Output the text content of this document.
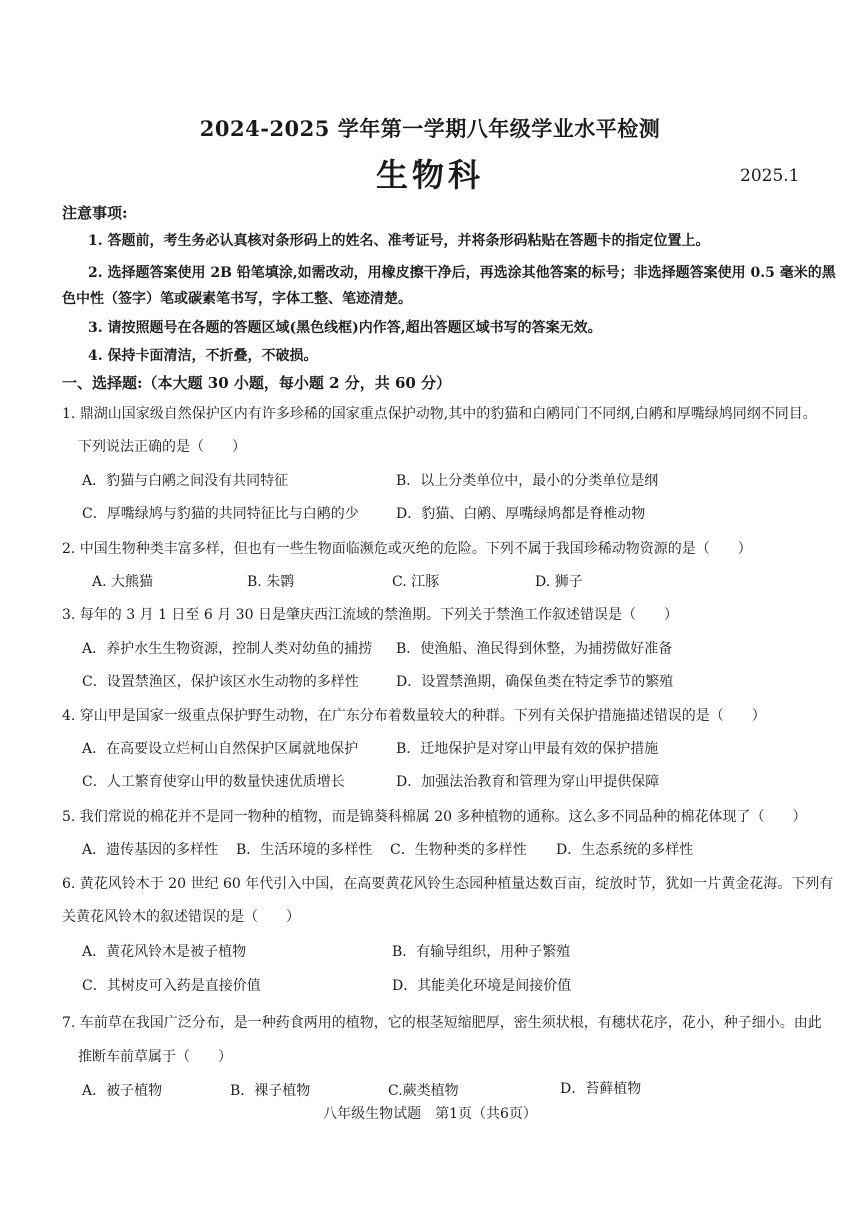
2024-2025 学年第一学期八年级学业水平检测
生物科	2025.1
注意事项:
1. 答题前，考生务必认真核对条形码上的姓名、准考证号，并将条形码粘贴在答题卡的指定位置上。
2. 选择题答案使用 2B 铅笔填涂,如需改动，用橡皮擦干净后，再选涂其他答案的标号；非选择题答案使用 0.5 毫米的黑
色中性（签字）笔或碳素笔书写，字体工整、笔迹清楚。
3. 请按照题号在各题的答题区域(黑色线框)内作答,超出答题区域书写的答案无效。
4. 保持卡面清洁，不折叠，不破损。
一、选择题:（本大题 30 小题，每小题 2 分，共 60 分）
1. 鼎湖山国家级自然保护区内有许多珍稀的国家重点保护动物,其中的豹猫和白鹇同门不同纲,白鹇和厚嘴绿鸠同纲不同目。
下列说法正确的是（　　）
A．豹猫与白鹇之间没有共同特征	B．以上分类单位中，最小的分类单位是纲
C．厚嘴绿鸠与豹猫的共同特征比与白鹇的少	D．豹猫、白鹇、厚嘴绿鸠都是脊椎动物
2. 中国生物种类丰富多样，但也有一些生物面临濒危或灭绝的危险。下列不属于我国珍稀动物资源的是（　　）
A. 大熊猫	B. 朱鹮	C. 江豚	D. 狮子
3. 每年的 3 月 1 日至 6 月 30 日是肇庆西江流域的禁渔期。下列关于禁渔工作叙述错误是（　　）
A．养护水生生物资源，控制人类对幼鱼的捕捞 B．使渔船、渔民得到休整，为捕捞做好准备
C．设置禁渔区，保护该区水生动物的多样性	D．设置禁渔期，确保鱼类在特定季节的繁殖
4. 穿山甲是国家一级重点保护野生动物，在广东分布着数量较大的种群。下列有关保护措施描述错误的是（　　）
A．在高要设立烂柯山自然保护区属就地保护	B．迁地保护是对穿山甲最有效的保护措施
C．人工繁育使穿山甲的数量快速优质增长	D．加强法治教育和管理为穿山甲提供保障
5. 我们常说的棉花并不是同一物种的植物，而是锦葵科棉属 20 多种植物的通称。这么多不同品种的棉花体现了（　　）
A．遗传基因的多样性 B．生活环境的多样性 C．生物种类的多样性 D．生态系统的多样性
6. 黄花风铃木于 20 世纪 60 年代引入中国，在高要黄花风铃生态园种植量达数百亩，绽放时节，犹如一片黄金花海。下列有
关黄花风铃木的叙述错误的是（　　）
A．黄花风铃木是被子植物	B．有输导组织，用种子繁殖
C．其树皮可入药是直接价值	D．其能美化环境是间接价值
7. 车前草在我国广泛分布，是一种药食两用的植物，它的根茎短缩肥厚，密生须状根，有穗状花序，花小，种子细小。由此
推断车前草属于（　　）
A．被子植物	B．裸子植物	C.蕨类植物	D．苔藓植物
八年级生物试题　第1页（共6页）
